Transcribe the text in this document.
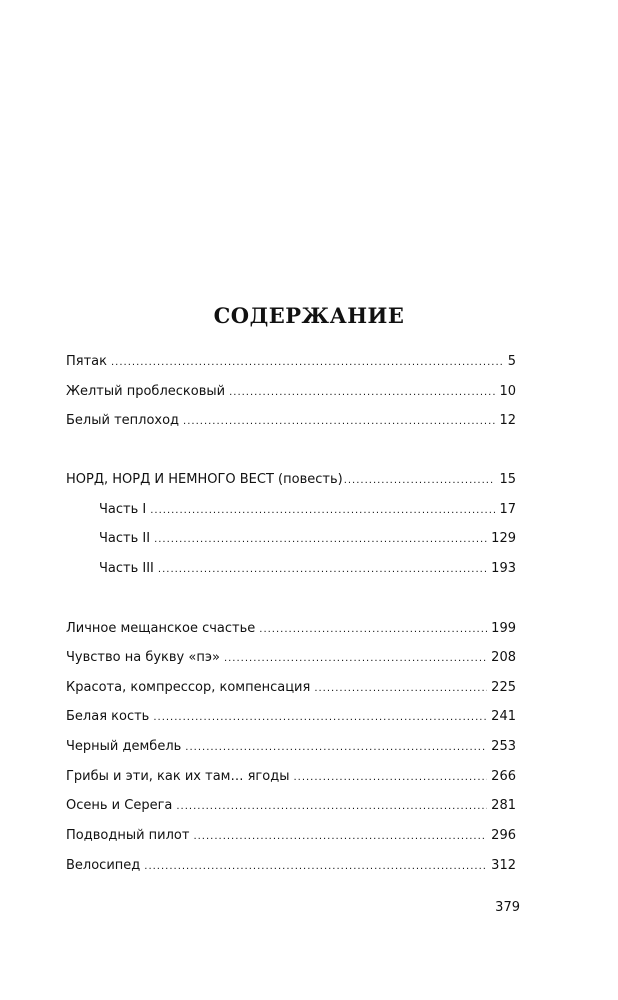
СОДЕРЖАНИЕ
Пятак .....	5
Желтый проблесковый .....	10
Белый теплоход .....	12
НОРД, НОРД И НЕМНОГО ВЕСТ (повесть) .....	15
Часть I .....	17
Часть II .....	129
Часть III .....	193
Личное мещанское счастье .....	199
Чувство на букву «пэ» .....	208
Красота, компрессор, компенсация .....	225
Белая кость .....	241
Черный дембель .....	253
Грибы и эти, как их там… ягоды .....	266
Осень и Серега .....	281
Подводный пилот .....	296
Велосипед .....	312
379
